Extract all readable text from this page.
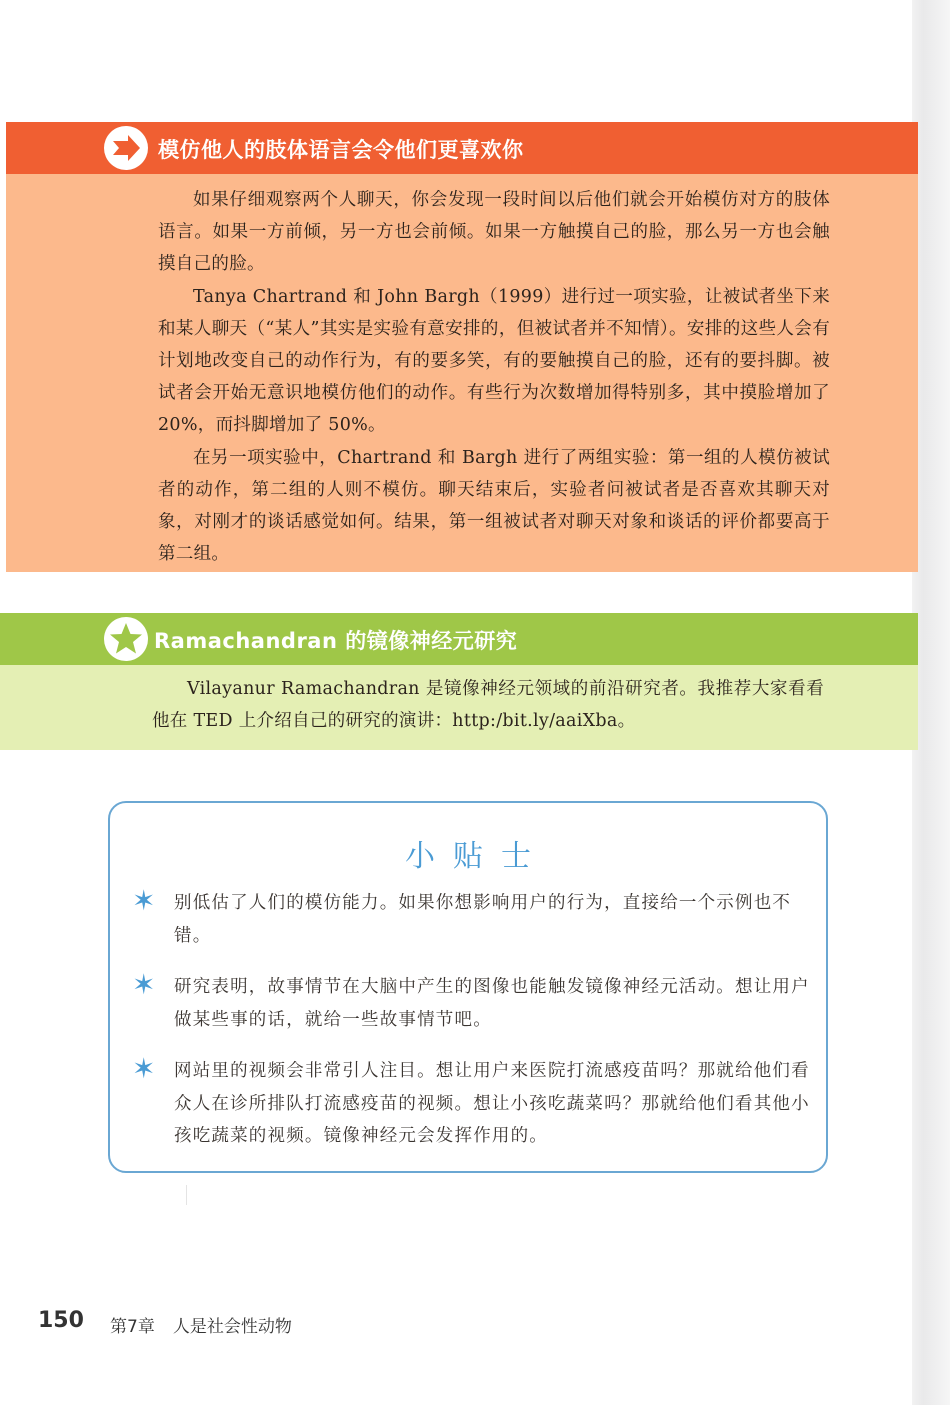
模仿他人的肢体语言会令他们更喜欢你

如果仔细观察两个人聊天，你会发现一段时间以后他们就会开始模仿对方的肢体语言。如果一方前倾，另一方也会前倾。如果一方触摸自己的脸，那么另一方也会触摸自己的脸。

Tanya Chartrand 和 John Bargh（1999）进行过一项实验，让被试者坐下来和某人聊天（“某人”其实是实验有意安排的，但被试者并不知情）。安排的这些人会有计划地改变自己的动作行为，有的要多笑，有的要触摸自己的脸，还有的要抖脚。被试者会开始无意识地模仿他们的动作。有些行为次数增加得特别多，其中摸脸增加了 20%，而抖脚增加了 50%。

在另一项实验中，Chartrand 和 Bargh 进行了两组实验：第一组的人模仿被试者的动作，第二组的人则不模仿。聊天结束后，实验者问被试者是否喜欢其聊天对象，对刚才的谈话感觉如何。结果，第一组被试者对聊天对象和谈话的评价都要高于第二组。

Ramachandran 的镜像神经元研究

Vilayanur Ramachandran 是镜像神经元领域的前沿研究者。我推荐大家看看他在 TED 上介绍自己的研究的演讲：http:/bit.ly/aaiXba。

小贴士
✶ 别低估了人们的模仿能力。如果你想影响用户的行为，直接给一个示例也不错。
✶ 研究表明，故事情节在大脑中产生的图像也能触发镜像神经元活动。想让用户做某些事的话，就给一些故事情节吧。
✶ 网站里的视频会非常引人注目。想让用户来医院打流感疫苗吗？那就给他们看众人在诊所排队打流感疫苗的视频。想让小孩吃蔬菜吗？那就给他们看其他小孩吃蔬菜的视频。镜像神经元会发挥作用的。
150 第7章 人是社会性动物
